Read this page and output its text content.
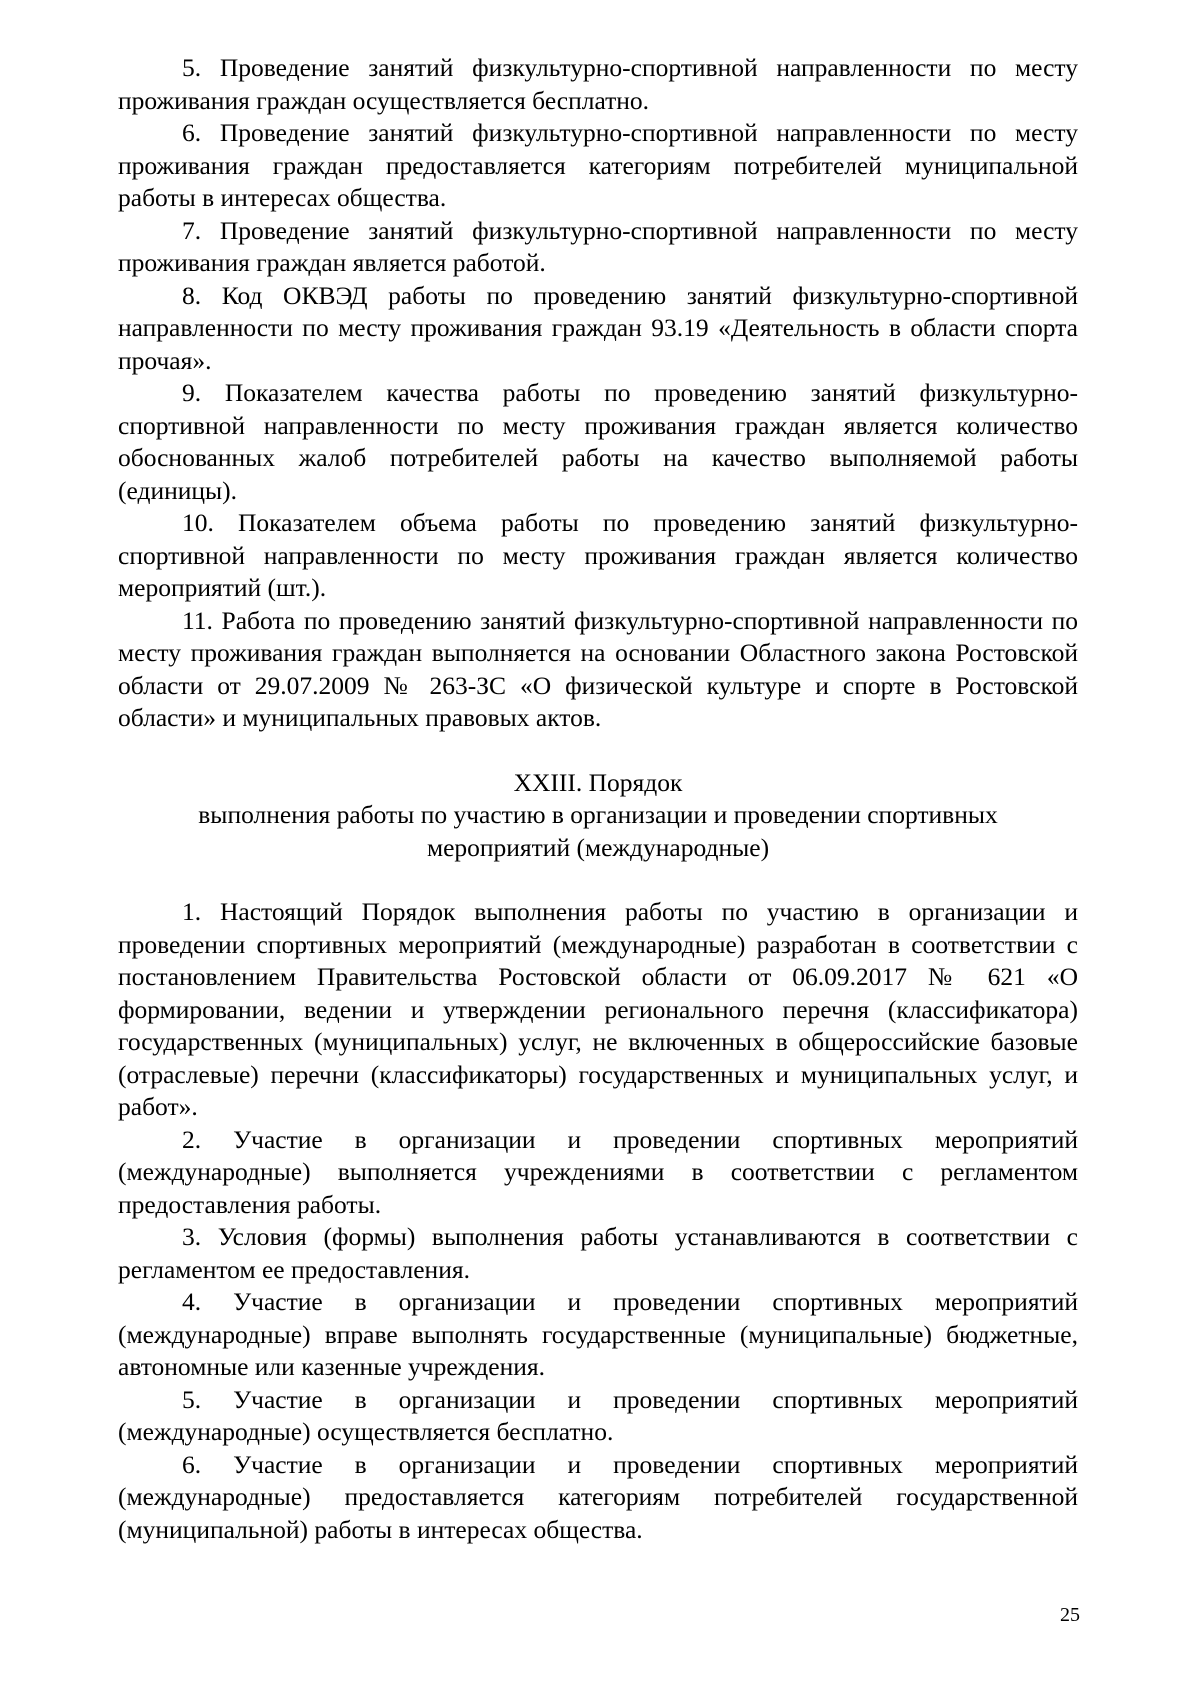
5. Проведение занятий физкультурно-спортивной направленности по месту проживания граждан осуществляется бесплатно.

6. Проведение занятий физкультурно-спортивной направленности по месту проживания граждан предоставляется категориям потребителей муниципальной работы в интересах общества.

7. Проведение занятий физкультурно-спортивной направленности по месту проживания граждан является работой.

8. Код ОКВЭД работы по проведению занятий физкультурно-спортивной направленности по месту проживания граждан 93.19 «Деятельность в области спорта прочая».

9. Показателем качества работы по проведению занятий физкультурно-спортивной направленности по месту проживания граждан является количество обоснованных жалоб потребителей работы на качество выполняемой работы (единицы).

10. Показателем объема работы по проведению занятий физкультурно-спортивной направленности по месту проживания граждан является количество мероприятий (шт.).

11. Работа по проведению занятий физкультурно-спортивной направленности по месту проживания граждан выполняется на основании Областного закона Ростовской области от 29.07.2009 № 263-ЗС «О физической культуре и спорте в Ростовской области» и муниципальных правовых актов.

XXIII. Порядок
выполнения работы по участию в организации и проведении спортивных
мероприятий (международные)

1. Настоящий Порядок выполнения работы по участию в организации и проведении спортивных мероприятий (международные) разработан в соответствии с постановлением Правительства Ростовской области от 06.09.2017 № 621 «О формировании, ведении и утверждении регионального перечня (классификатора) государственных (муниципальных) услуг, не включенных в общероссийские базовые (отраслевые) перечни (классификаторы) государственных и муниципальных услуг, и работ».

2. Участие в организации и проведении спортивных мероприятий (международные) выполняется учреждениями в соответствии с регламентом предоставления работы.

3. Условия (формы) выполнения работы устанавливаются в соответствии с регламентом ее предоставления.

4. Участие в организации и проведении спортивных мероприятий (международные) вправе выполнять государственные (муниципальные) бюджетные, автономные или казенные учреждения.

5. Участие в организации и проведении спортивных мероприятий (международные) осуществляется бесплатно.

6. Участие в организации и проведении спортивных мероприятий (международные) предоставляется категориям потребителей государственной (муниципальной) работы в интересах общества.

25
